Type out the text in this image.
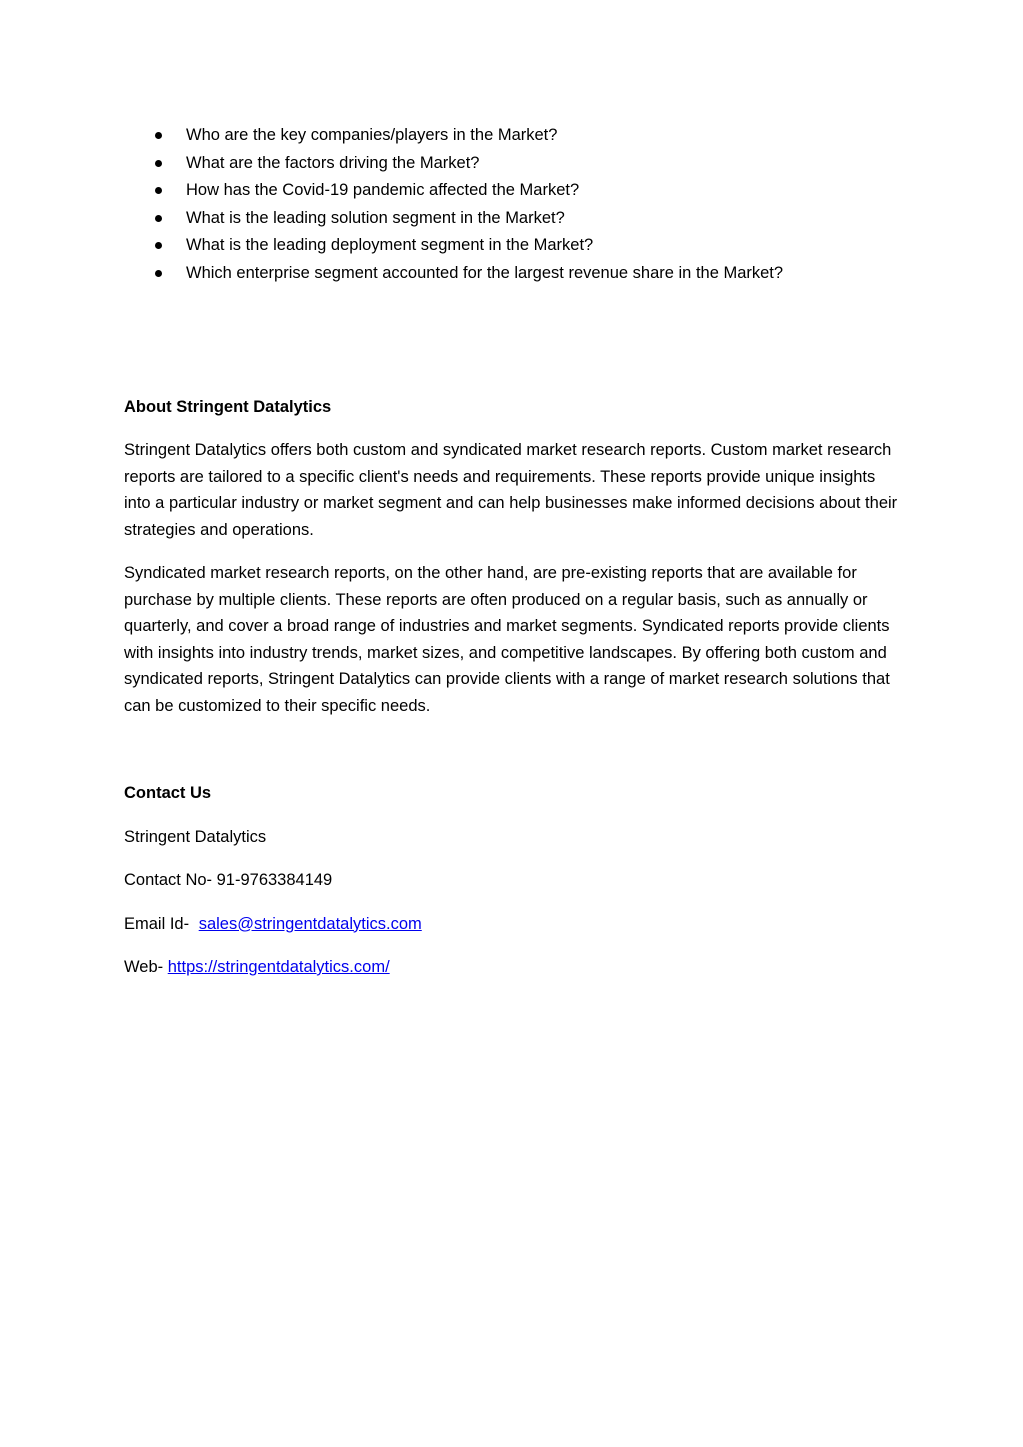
Who are the key companies/players in the Market?
What are the factors driving the Market?
How has the Covid-19 pandemic affected the Market?
What is the leading solution segment in the Market?
What is the leading deployment segment in the Market?
Which enterprise segment accounted for the largest revenue share in the Market?

About Stringent Datalytics

Stringent Datalytics offers both custom and syndicated market research reports. Custom market research reports are tailored to a specific client's needs and requirements. These reports provide unique insights into a particular industry or market segment and can help businesses make informed decisions about their strategies and operations.

Syndicated market research reports, on the other hand, are pre-existing reports that are available for purchase by multiple clients. These reports are often produced on a regular basis, such as annually or quarterly, and cover a broad range of industries and market segments. Syndicated reports provide clients with insights into industry trends, market sizes, and competitive landscapes. By offering both custom and syndicated reports, Stringent Datalytics can provide clients with a range of market research solutions that can be customized to their specific needs.

Contact Us

Stringent Datalytics

Contact No- 91-9763384149

Email Id- sales@stringentdatalytics.com

Web- https://stringentdatalytics.com/
